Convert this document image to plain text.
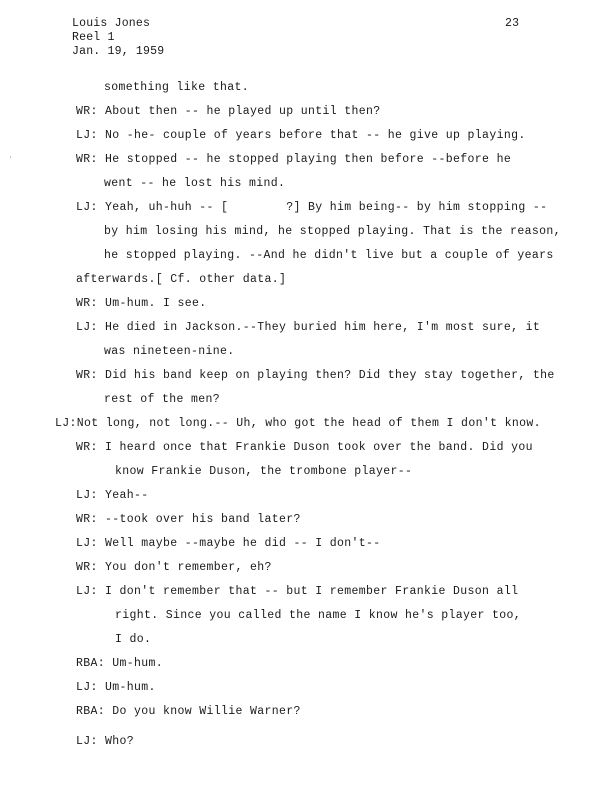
Louis Jones
Reel 1
Jan. 19, 1959
23
˙
something like that.
WR: About then -- he played up until then?
LJ: No -he- couple of years before that -- he give up playing.
WR: He stopped -- he stopped playing then before --before he
went -- he lost his mind.
LJ: Yeah, uh-huh -- [        ?] By him being-- by him stopping --
by him losing his mind, he stopped playing. That is the reason,
he stopped playing. --And he didn't live but a couple of years
afterwards.[ Cf. other data.]
WR: Um-hum. I see.
LJ: He died in Jackson.--They buried him here, I'm most sure, it
was nineteen-nine.
WR: Did his band keep on playing then? Did they stay together, the
rest of the men?
LJ:Not long, not long.-- Uh, who got the head of them I don't know.
WR: I heard once that Frankie Duson took over the band. Did you
know Frankie Duson, the trombone player--
LJ: Yeah--
WR: --took over his band later?
LJ: Well maybe --maybe he did -- I don't--
WR: You don't remember, eh?
LJ: I don't remember that -- but I remember Frankie Duson all
right. Since you called the name I know he's player too,
I do.
RBA: Um-hum.
LJ: Um-hum.
RBA: Do you know Willie Warner?
LJ: Who?
